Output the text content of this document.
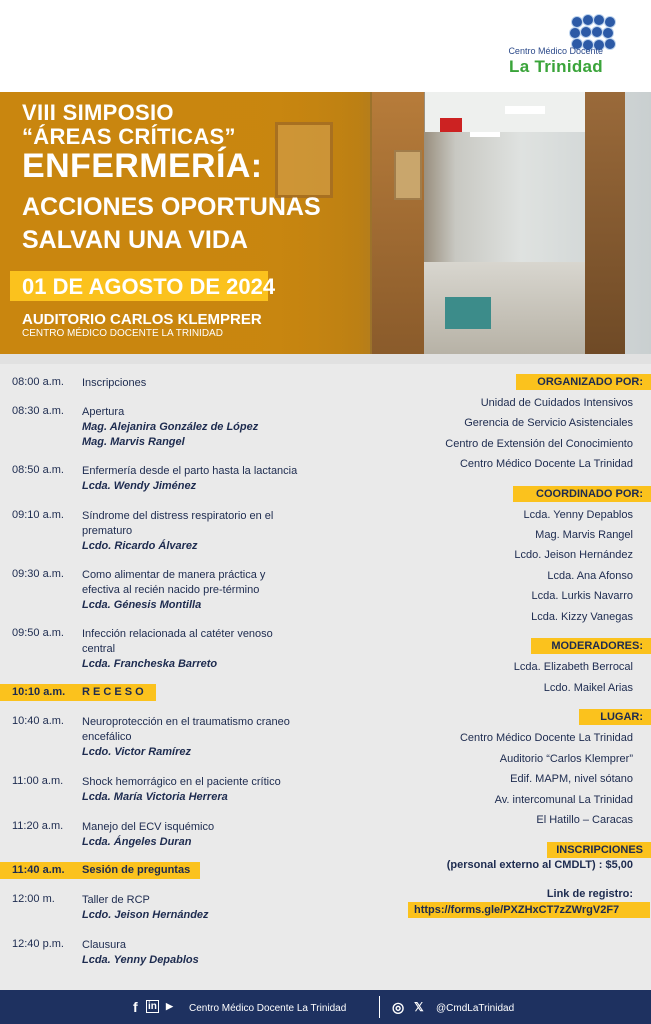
Centro Médico Docente
La Trinidad
VIII SIMPOSIO
“ÁREAS CRÍTICAS”
ENFERMERÍA:
ACCIONES OPORTUNAS
SALVAN UNA VIDA
01 DE AGOSTO DE 2024
AUDITORIO CARLOS KLEMPRER
CENTRO MÉDICO DOCENTE LA TRINIDAD
08:00 a.m. Inscripciones
08:30 a.m. Apertura
Mag. Alejanira González de López
Mag. Marvis Rangel
08:50 a.m. Enfermería desde el parto hasta la lactancia
Lcda. Wendy Jiménez
09:10 a.m. Síndrome del distress respiratorio en el prematuro
Lcdo. Ricardo Álvarez
09:30 a.m. Como alimentar de manera práctica y efectiva al recién nacido pre-término
Lcda. Génesis Montilla
09:50 a.m. Infección relacionada al catéter venoso central
Lcda. Francheska Barreto
10:10 a.m. R E C E S O
10:40 a.m. Neuroprotección en el traumatismo craneo encefálico
Lcdo. Victor Ramírez
11:00 a.m. Shock hemorrágico en el paciente crítico
Lcda. María Victoria Herrera
11:20 a.m. Manejo del ECV isquémico
Lcda. Ángeles Duran
11:40 a.m. Sesión de preguntas
12:00 m. Taller de RCP
Lcdo. Jeison Hernández
12:40 p.m. Clausura
Lcda. Yenny Depablos
ORGANIZADO POR:
Unidad de Cuidados Intensivos
Gerencia de Servicio Asistenciales
Centro de Extensión del Conocimiento
Centro Médico Docente La Trinidad
COORDINADO POR:
Lcda. Yenny Depablos
Mag. Marvis Rangel
Lcdo. Jeison Hernández
Lcda. Ana Afonso
Lcda. Lurkis Navarro
Lcda. Kizzy Vanegas
MODERADORES:
Lcda. Elizabeth Berrocal
Lcdo. Maikel Arias
LUGAR:
Centro Médico Docente La Trinidad
Auditorio “Carlos Klemprer”
Edif. MAPM, nivel sótano
Av. intercomunal La Trinidad
El Hatillo – Caracas
INSCRIPCIONES
(personal externo al CMDLT) : $5,00
Link de registro:
https://forms.gle/PXZHxCT7zZWrgV2F7
f in ▶ Centro Médico Docente La Trinidad	◎ 𝕏 @CmdLaTrinidad
